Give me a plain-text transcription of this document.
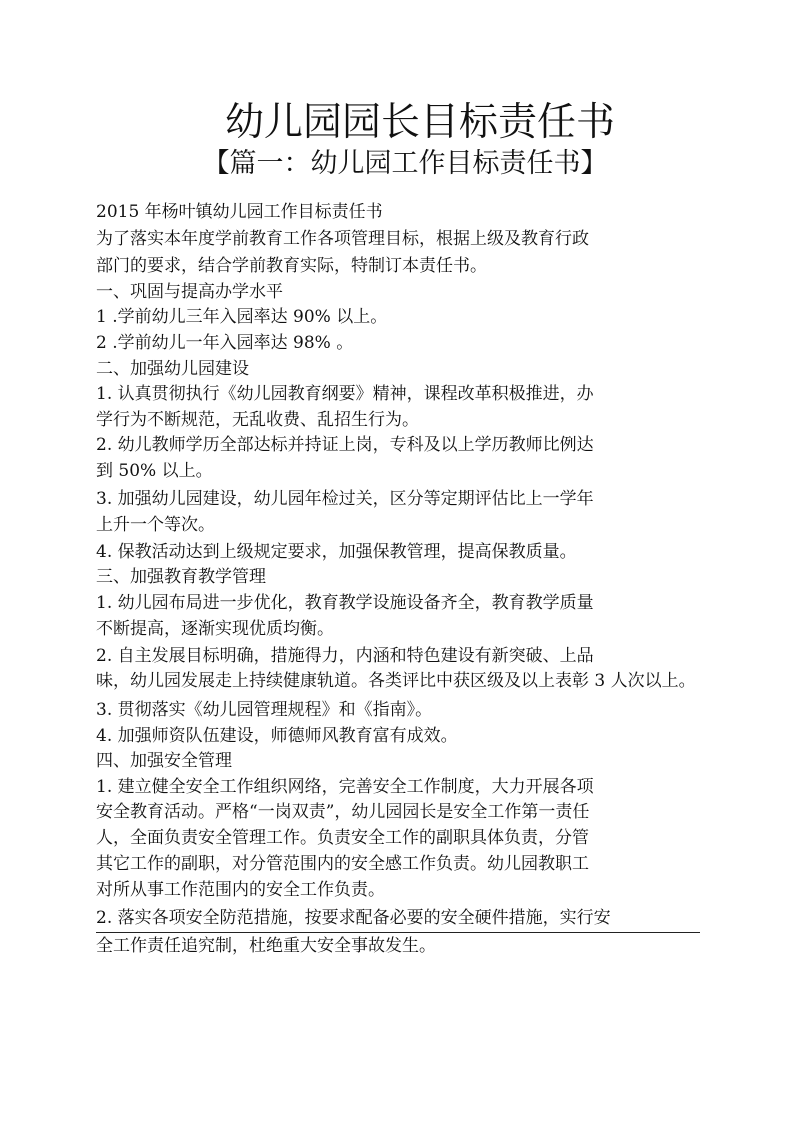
幼儿园园长目标责任书
【篇一：幼儿园工作目标责任书】
2015 年杨叶镇幼儿园工作目标责任书
为了落实本年度学前教育工作各项管理目标，根据上级及教育行政
部门的要求，结合学前教育实际，特制订本责任书。
一、巩固与提高办学水平
1 .学前幼儿三年入园率达 90% 以上。
2 .学前幼儿一年入园率达 98% 。
二、加强幼儿园建设
1. 认真贯彻执行《幼儿园教育纲要》精神，课程改革积极推进，办
学行为不断规范，无乱收费、乱招生行为。
2. 幼儿教师学历全部达标并持证上岗，专科及以上学历教师比例达
到 50% 以上。
3. 加强幼儿园建设，幼儿园年检过关，区分等定期评估比上一学年
上升一个等次。
4. 保教活动达到上级规定要求，加强保教管理，提高保教质量。
三、加强教育教学管理
1. 幼儿园布局进一步优化，教育教学设施设备齐全，教育教学质量
不断提高，逐渐实现优质均衡。
2. 自主发展目标明确，措施得力，内涵和特色建设有新突破、上品
味，幼儿园发展走上持续健康轨道。各类评比中获区级及以上表彰 3 人次以上。
3. 贯彻落实《幼儿园管理规程》和《指南》。
4. 加强师资队伍建设，师德师风教育富有成效。
四、加强安全管理
1. 建立健全安全工作组织网络，完善安全工作制度，大力开展各项
安全教育活动。严格“一岗双责”，幼儿园园长是安全工作第一责任
人，全面负责安全管理工作。负责安全工作的副职具体负责，分管
其它工作的副职，对分管范围内的安全感工作负责。幼儿园教职工
对所从事工作范围内的安全工作负责。
2. 落实各项安全防范措施，按要求配备必要的安全硬件措施，实行安
全工作责任追究制，杜绝重大安全事故发生。
